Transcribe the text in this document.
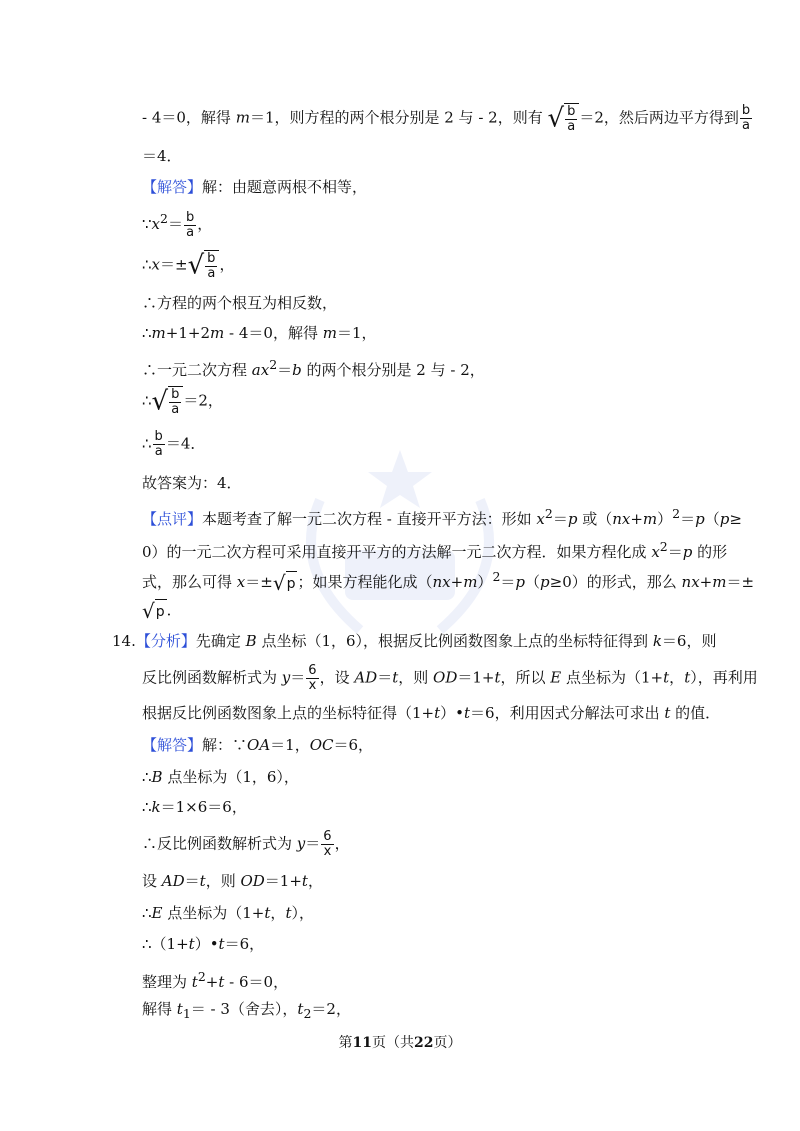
- 4＝0，解得 m＝1，则方程的两个根分别是 2 与 - 2，则有 √ $\frac{b}{a} =2$，然后两边平方得到 $\frac{b}{a}$
＝4．
【解答】解：由题意两根不相等，
$\because x^2= \frac{b}{a}$ ，
∴x＝±√ $\frac{b}{a}$ ，
∴方程的两个根互为相反数，
∴m+1+2m - 4＝0，解得 m＝1，
∴一元二次方程 $ax^2=b$ 的两个根分别是 2 与 - 2，
∴√ $\frac{b}{a} =2$，
∴ $\frac{b}{a} =4$．
故答案为：4．
【点评】本题考查了解一元二次方程 - 直接开平方法：形如 $x^2=p$ 或$(nx+m)^2=p(p\ge$
0）的一元二次方程可采用直接开平方的方法解一元二次方程．如果方程化成 $x^2=p$ 的形
式，那么可得 x＝±√p ；如果方程能化成$(nx+m)^2=p(p\ge 0)$的形式，那么 nx+m＝±
√p ．
14.【分析】先确定 B 点坐标（1，6），根据反比例函数图象上点的坐标特征得到 k＝6，则
反比例函数解析式为 $y= \frac{6}{x}$ ，设 AD＝t，则 OD＝1+t，所以 E 点坐标为（1+t，t），再利用
根据反比例函数图象上点的坐标特征得（1+t）•t＝6，利用因式分解法可求出 t 的值．
【解答】解：∵OA＝1，OC＝6，
∴B 点坐标为（1，6），
∴k＝1×6＝6，
∴反比例函数解析式为 $y= \frac{6}{x}$ ，
设 AD＝t，则 OD＝1+t，
∴E 点坐标为（1+t，t），
∴（1+t）•t＝6，
整理为 $t^2+t - 6=0$，
解得 $t_1= - 3$（舍去），$t_2=2$，
第11页（共22页）
